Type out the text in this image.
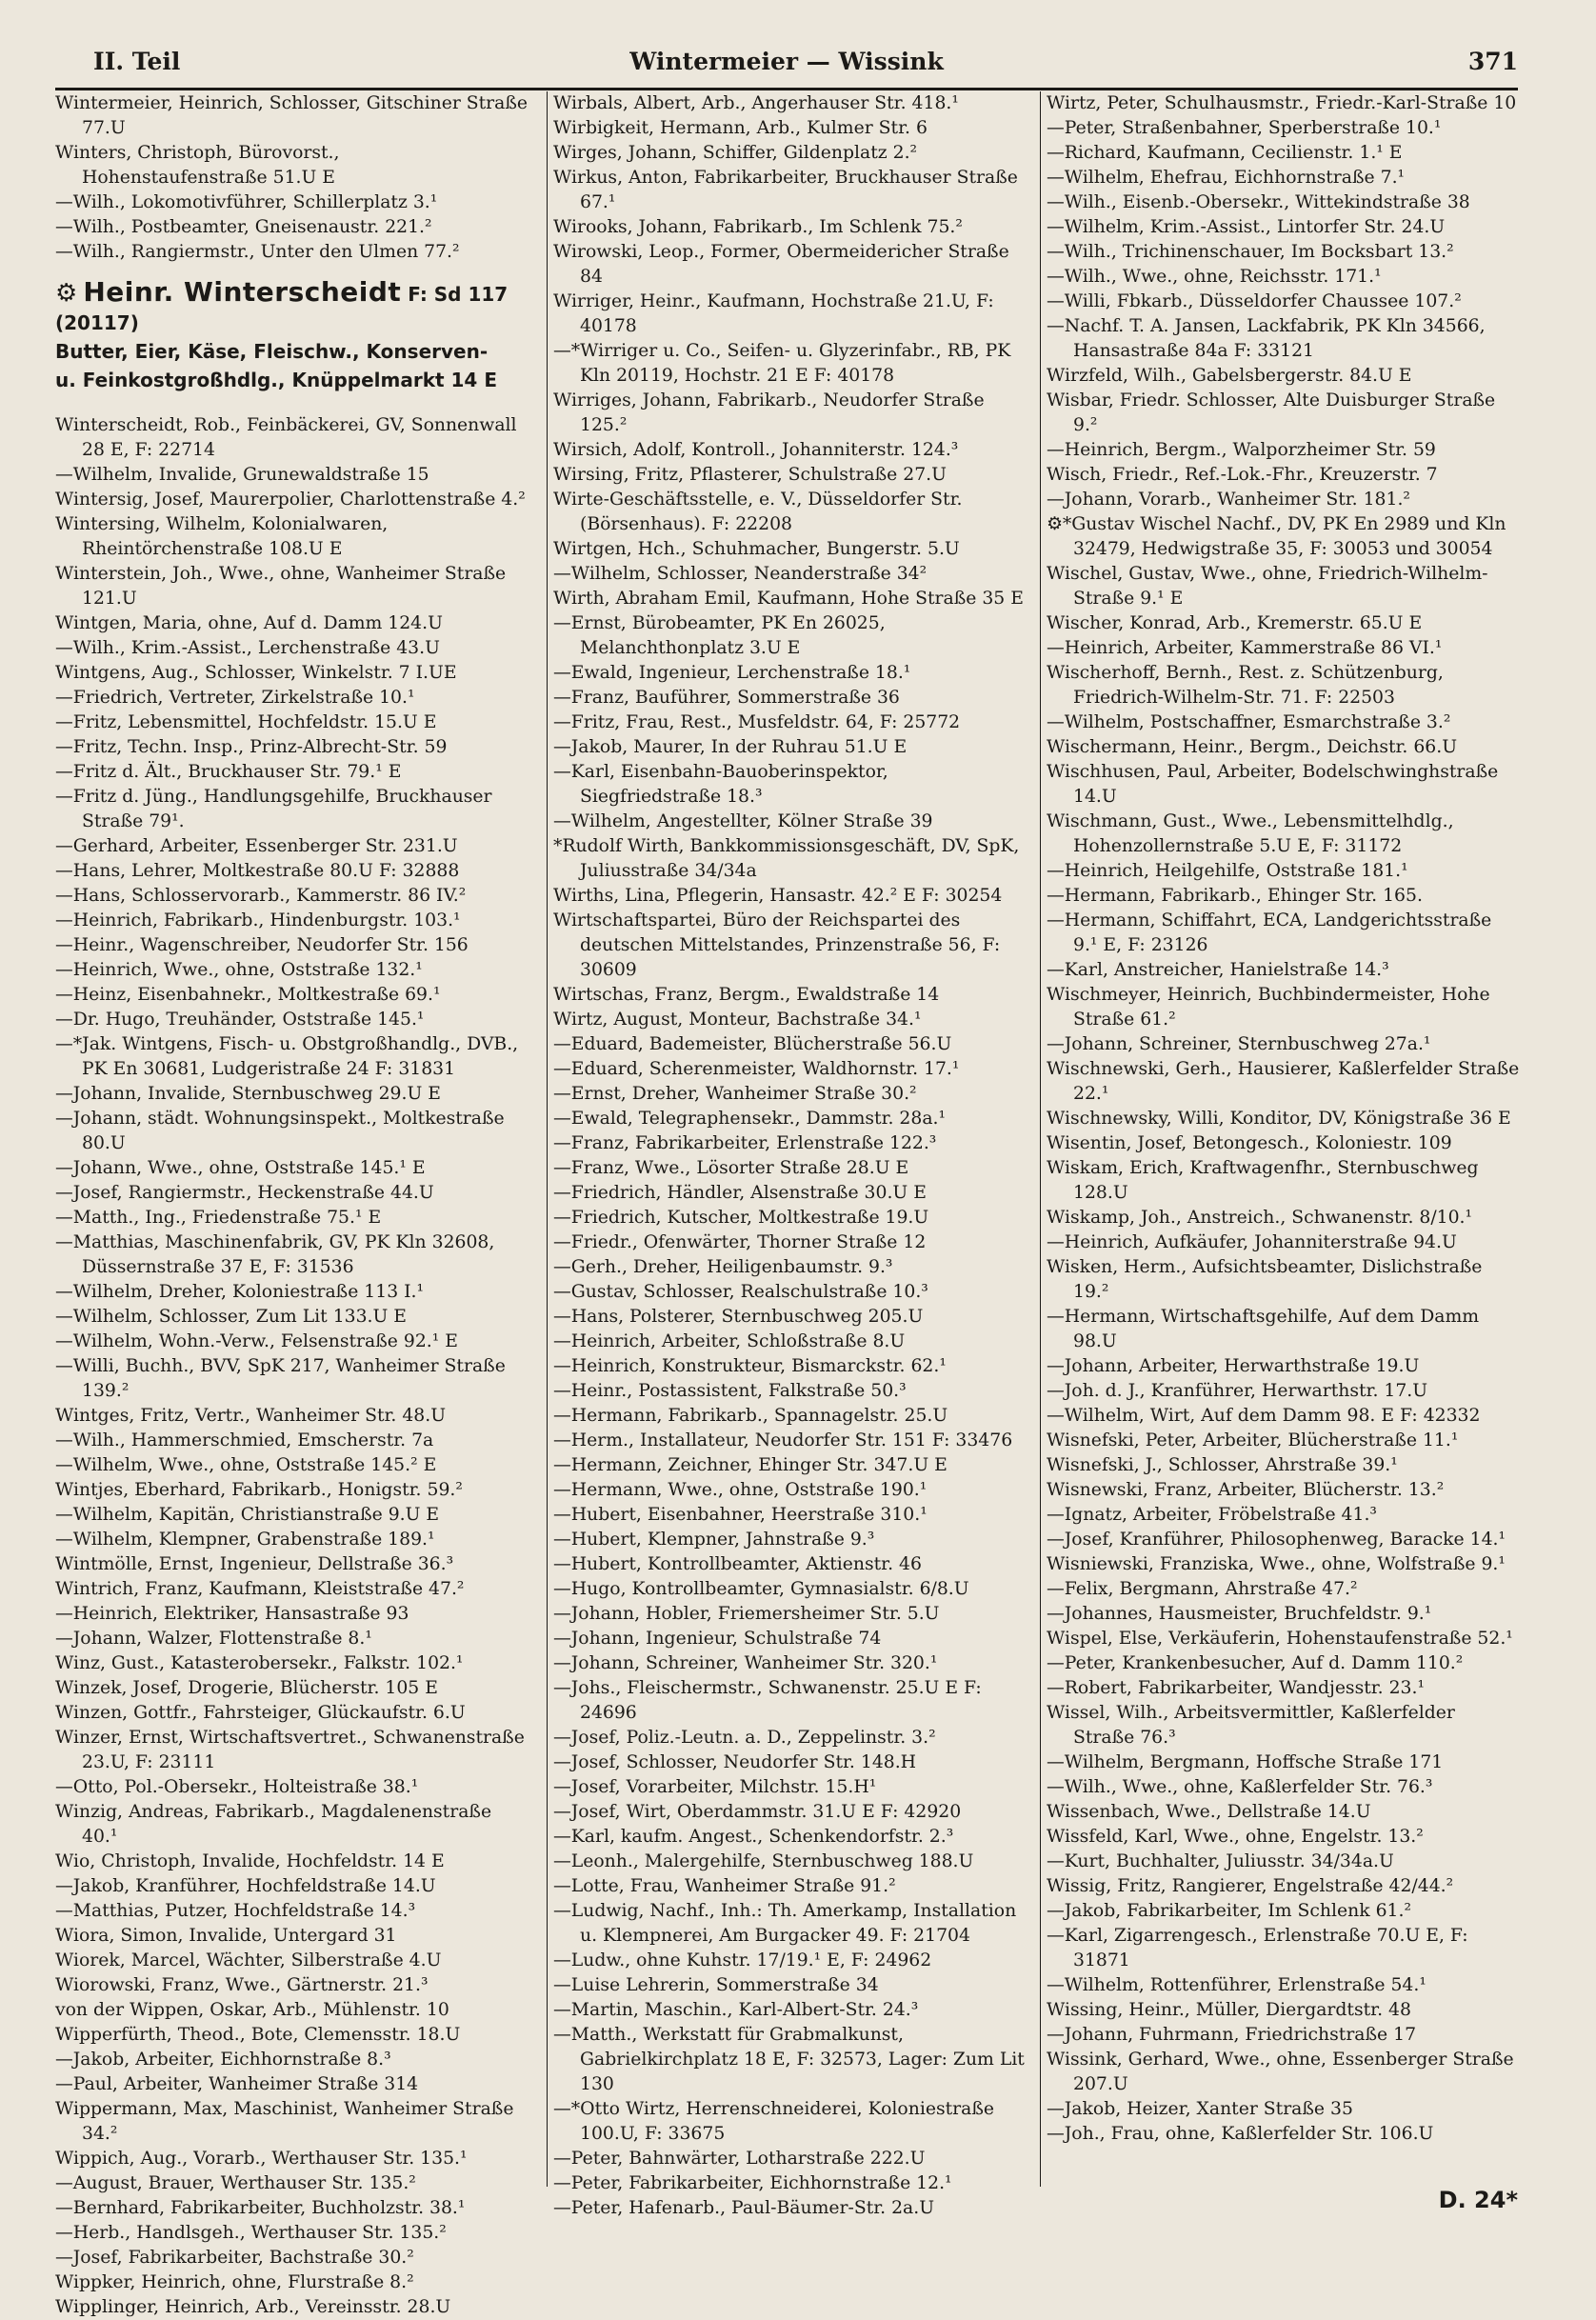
II. Teil	Wintermeier — Wissink	371

Wintermeier, Heinrich, Schlosser, Gitschiner Straße 77.U

Winters, Christoph, Bürovorst., Hohenstaufenstraße 51.U E

—Wilh., Lokomotivführer, Schillerplatz 3.¹

—Wilh., Postbeamter, Gneisenaustr. 221.²

—Wilh., Rangiermstr., Unter den Ulmen 77.²

⚙ Heinr. Winterscheidt F: Sd 117 (20117)
Butter, Eier, Käse, Fleischw., Konserven-
u. Feinkostgroßhdlg., Knüppelmarkt 14 E

Winterscheidt, Rob., Feinbäckerei, GV, Sonnenwall 28 E, F: 22714

—Wilhelm, Invalide, Grunewaldstraße 15

Wintersig, Josef, Maurerpolier, Charlottenstraße 4.²

Wintersing, Wilhelm, Kolonialwaren, Rheintörchenstraße 108.U E

Winterstein, Joh., Wwe., ohne, Wanheimer Straße 121.U

Wintgen, Maria, ohne, Auf d. Damm 124.U

—Wilh., Krim.-Assist., Lerchenstraße 43.U

Wintgens, Aug., Schlosser, Winkelstr. 7 I.UE

—Friedrich, Vertreter, Zirkelstraße 10.¹

—Fritz, Lebensmittel, Hochfeldstr. 15.U E

—Fritz, Techn. Insp., Prinz-Albrecht-Str. 59

—Fritz d. Ält., Bruckhauser Str. 79.¹ E

—Fritz d. Jüng., Handlungsgehilfe, Bruckhauser Straße 79¹.

—Gerhard, Arbeiter, Essenberger Str. 231.U

—Hans, Lehrer, Moltkestraße 80.U F: 32888

—Hans, Schlosservorarb., Kammerstr. 86 IV.²

—Heinrich, Fabrikarb., Hindenburgstr. 103.¹

—Heinr., Wagenschreiber, Neudorfer Str. 156

—Heinrich, Wwe., ohne, Oststraße 132.¹

—Heinz, Eisenbahnekr., Moltkestraße 69.¹

—Dr. Hugo, Treuhänder, Oststraße 145.¹

—*Jak. Wintgens, Fisch- u. Obstgroßhandlg., DVB., PK En 30681, Ludgeristraße 24 F: 31831

—Johann, Invalide, Sternbuschweg 29.U E

—Johann, städt. Wohnungsinspekt., Moltkestraße 80.U

—Johann, Wwe., ohne, Oststraße 145.¹ E

—Josef, Rangiermstr., Heckenstraße 44.U

—Matth., Ing., Friedenstraße 75.¹ E

—Matthias, Maschinenfabrik, GV, PK Kln 32608, Düssernstraße 37 E, F: 31536

—Wilhelm, Dreher, Koloniestraße 113 I.¹

—Wilhelm, Schlosser, Zum Lit 133.U E

—Wilhelm, Wohn.-Verw., Felsenstraße 92.¹ E

—Willi, Buchh., BVV, SpK 217, Wanheimer Straße 139.²

Wintges, Fritz, Vertr., Wanheimer Str. 48.U

—Wilh., Hammerschmied, Emscherstr. 7a

—Wilhelm, Wwe., ohne, Oststraße 145.² E

Wintjes, Eberhard, Fabrikarb., Honigstr. 59.²

—Wilhelm, Kapitän, Christianstraße 9.U E

—Wilhelm, Klempner, Grabenstraße 189.¹

Wintmölle, Ernst, Ingenieur, Dellstraße 36.³

Wintrich, Franz, Kaufmann, Kleiststraße 47.²

—Heinrich, Elektriker, Hansastraße 93

—Johann, Walzer, Flottenstraße 8.¹

Winz, Gust., Katasterobersekr., Falkstr. 102.¹

Winzek, Josef, Drogerie, Blücherstr. 105 E

Winzen, Gottfr., Fahrsteiger, Glückaufstr. 6.U

Winzer, Ernst, Wirtschaftsvertret., Schwanenstraße 23.U, F: 23111

—Otto, Pol.-Obersekr., Holteistraße 38.¹

Winzig, Andreas, Fabrikarb., Magdalenenstraße 40.¹

Wio, Christoph, Invalide, Hochfeldstr. 14 E

—Jakob, Kranführer, Hochfeldstraße 14.U

—Matthias, Putzer, Hochfeldstraße 14.³

Wiora, Simon, Invalide, Untergard 31

Wiorek, Marcel, Wächter, Silberstraße 4.U

Wiorowski, Franz, Wwe., Gärtnerstr. 21.³

von der Wippen, Oskar, Arb., Mühlenstr. 10

Wipperfürth, Theod., Bote, Clemensstr. 18.U

—Jakob, Arbeiter, Eichhornstraße 8.³

—Paul, Arbeiter, Wanheimer Straße 314

Wippermann, Max, Maschinist, Wanheimer Straße 34.²

Wippich, Aug., Vorarb., Werthauser Str. 135.¹

—August, Brauer, Werthauser Str. 135.²

—Bernhard, Fabrikarbeiter, Buchholzstr. 38.¹

—Herb., Handlsgeh., Werthauser Str. 135.²

—Josef, Fabrikarbeiter, Bachstraße 30.²

Wippker, Heinrich, ohne, Flurstraße 8.²

Wipplinger, Heinrich, Arb., Vereinsstr. 28.U

Wirbals, Albert, Arb., Angerhauser Str. 418.¹

Wirbigkeit, Hermann, Arb., Kulmer Str. 6

Wirges, Johann, Schiffer, Gildenplatz 2.²

Wirkus, Anton, Fabrikarbeiter, Bruckhauser Straße 67.¹

Wirooks, Johann, Fabrikarb., Im Schlenk 75.²

Wirowski, Leop., Former, Obermeidericher Straße 84

Wirriger, Heinr., Kaufmann, Hochstraße 21.U, F: 40178

—*Wirriger u. Co., Seifen- u. Glyzerinfabr., RB, PK Kln 20119, Hochstr. 21 E F: 40178

Wirriges, Johann, Fabrikarb., Neudorfer Straße 125.²

Wirsich, Adolf, Kontroll., Johanniterstr. 124.³

Wirsing, Fritz, Pflasterer, Schulstraße 27.U

Wirte-Geschäftsstelle, e. V., Düsseldorfer Str. (Börsenhaus). F: 22208

Wirtgen, Hch., Schuhmacher, Bungerstr. 5.U

—Wilhelm, Schlosser, Neanderstraße 34²

Wirth, Abraham Emil, Kaufmann, Hohe Straße 35 E

—Ernst, Bürobeamter, PK En 26025, Melanchthonplatz 3.U E

—Ewald, Ingenieur, Lerchenstraße 18.¹

—Franz, Bauführer, Sommerstraße 36

—Fritz, Frau, Rest., Musfeldstr. 64, F: 25772

—Jakob, Maurer, In der Ruhrau 51.U E

—Karl, Eisenbahn-Bauoberinspektor, Siegfriedstraße 18.³

—Wilhelm, Angestellter, Kölner Straße 39

*Rudolf Wirth, Bankkommissionsgeschäft, DV, SpK, Juliusstraße 34/34a

Wirths, Lina, Pflegerin, Hansastr. 42.² E F: 30254

Wirtschaftspartei, Büro der Reichspartei des deutschen Mittelstandes, Prinzenstraße 56, F: 30609

Wirtschas, Franz, Bergm., Ewaldstraße 14

Wirtz, August, Monteur, Bachstraße 34.¹

—Eduard, Bademeister, Blücherstraße 56.U

—Eduard, Scherenmeister, Waldhornstr. 17.¹

—Ernst, Dreher, Wanheimer Straße 30.²

—Ewald, Telegraphensekr., Dammstr. 28a.¹

—Franz, Fabrikarbeiter, Erlenstraße 122.³

—Franz, Wwe., Lösorter Straße 28.U E

—Friedrich, Händler, Alsenstraße 30.U E

—Friedrich, Kutscher, Moltkestraße 19.U

—Friedr., Ofenwärter, Thorner Straße 12

—Gerh., Dreher, Heiligenbaumstr. 9.³

—Gustav, Schlosser, Realschulstraße 10.³

—Hans, Polsterer, Sternbuschweg 205.U

—Heinrich, Arbeiter, Schloßstraße 8.U

—Heinrich, Konstrukteur, Bismarckstr. 62.¹

—Heinr., Postassistent, Falkstraße 50.³

—Hermann, Fabrikarb., Spannagelstr. 25.U

—Herm., Installateur, Neudorfer Str. 151 F: 33476

—Hermann, Zeichner, Ehinger Str. 347.U E

—Hermann, Wwe., ohne, Oststraße 190.¹

—Hubert, Eisenbahner, Heerstraße 310.¹

—Hubert, Klempner, Jahnstraße 9.³

—Hubert, Kontrollbeamter, Aktienstr. 46

—Hugo, Kontrollbeamter, Gymnasialstr. 6/8.U

—Johann, Hobler, Friemersheimer Str. 5.U

—Johann, Ingenieur, Schulstraße 74

—Johann, Schreiner, Wanheimer Str. 320.¹

—Johs., Fleischermstr., Schwanenstr. 25.U E F: 24696

—Josef, Poliz.-Leutn. a. D., Zeppelinstr. 3.²

—Josef, Schlosser, Neudorfer Str. 148.H

—Josef, Vorarbeiter, Milchstr. 15.H¹

—Josef, Wirt, Oberdammstr. 31.U E F: 42920

—Karl, kaufm. Angest., Schenkendorfstr. 2.³

—Leonh., Malergehilfe, Sternbuschweg 188.U

—Lotte, Frau, Wanheimer Straße 91.²

—Ludwig, Nachf., Inh.: Th. Amerkamp, Installation u. Klempnerei, Am Burgacker 49. F: 21704

—Ludw., ohne Kuhstr. 17/19.¹ E, F: 24962

—Luise Lehrerin, Sommerstraße 34

—Martin, Maschin., Karl-Albert-Str. 24.³

—Matth., Werkstatt für Grabmalkunst, Gabrielkirchplatz 18 E, F: 32573, Lager: Zum Lit 130

—*Otto Wirtz, Herrenschneiderei, Koloniestraße 100.U, F: 33675

—Peter, Bahnwärter, Lotharstraße 222.U

—Peter, Fabrikarbeiter, Eichhornstraße 12.¹

—Peter, Hafenarb., Paul-Bäumer-Str. 2a.U

Wirtz, Peter, Schulhausmstr., Friedr.-Karl-Straße 10

—Peter, Straßenbahner, Sperberstraße 10.¹

—Richard, Kaufmann, Cecilienstr. 1.¹ E

—Wilhelm, Ehefrau, Eichhornstraße 7.¹

—Wilh., Eisenb.-Obersekr., Wittekindstraße 38

—Wilhelm, Krim.-Assist., Lintorfer Str. 24.U

—Wilh., Trichinenschauer, Im Bocksbart 13.²

—Wilh., Wwe., ohne, Reichsstr. 171.¹

—Willi, Fbkarb., Düsseldorfer Chaussee 107.²

—Nachf. T. A. Jansen, Lackfabrik, PK Kln 34566, Hansastraße 84a F: 33121

Wirzfeld, Wilh., Gabelsbergerstr. 84.U E

Wisbar, Friedr. Schlosser, Alte Duisburger Straße 9.²

—Heinrich, Bergm., Walporzheimer Str. 59

Wisch, Friedr., Ref.-Lok.-Fhr., Kreuzerstr. 7

—Johann, Vorarb., Wanheimer Str. 181.²

⚙*Gustav Wischel Nachf., DV, PK En 2989 und Kln 32479, Hedwigstraße 35, F: 30053 und 30054

Wischel, Gustav, Wwe., ohne, Friedrich-Wilhelm-Straße 9.¹ E

Wischer, Konrad, Arb., Kremerstr. 65.U E

—Heinrich, Arbeiter, Kammerstraße 86 VI.¹

Wischerhoff, Bernh., Rest. z. Schützenburg, Friedrich-Wilhelm-Str. 71. F: 22503

—Wilhelm, Postschaffner, Esmarchstraße 3.²

Wischermann, Heinr., Bergm., Deichstr. 66.U

Wischhusen, Paul, Arbeiter, Bodelschwinghstraße 14.U

Wischmann, Gust., Wwe., Lebensmittelhdlg., Hohenzollernstraße 5.U E, F: 31172

—Heinrich, Heilgehilfe, Oststraße 181.¹

—Hermann, Fabrikarb., Ehinger Str. 165.

—Hermann, Schiffahrt, ECA, Landgerichtsstraße 9.¹ E, F: 23126

—Karl, Anstreicher, Hanielstraße 14.³

Wischmeyer, Heinrich, Buchbindermeister, Hohe Straße 61.²

—Johann, Schreiner, Sternbuschweg 27a.¹

Wischnewski, Gerh., Hausierer, Kaßlerfelder Straße 22.¹

Wischnewsky, Willi, Konditor, DV, Königstraße 36 E

Wisentin, Josef, Betongesch., Koloniestr. 109

Wiskam, Erich, Kraftwagenfhr., Sternbuschweg 128.U

Wiskamp, Joh., Anstreich., Schwanenstr. 8/10.¹

—Heinrich, Aufkäufer, Johanniterstraße 94.U

Wisken, Herm., Aufsichtsbeamter, Dislichstraße 19.²

—Hermann, Wirtschaftsgehilfe, Auf dem Damm 98.U

—Johann, Arbeiter, Herwarthstraße 19.U

—Joh. d. J., Kranführer, Herwarthstr. 17.U

—Wilhelm, Wirt, Auf dem Damm 98. E F: 42332

Wisnefski, Peter, Arbeiter, Blücherstraße 11.¹

Wisnefski, J., Schlosser, Ahrstraße 39.¹

Wisnewski, Franz, Arbeiter, Blücherstr. 13.²

—Ignatz, Arbeiter, Fröbelstraße 41.³

—Josef, Kranführer, Philosophenweg, Baracke 14.¹

Wisniewski, Franziska, Wwe., ohne, Wolfstraße 9.¹

—Felix, Bergmann, Ahrstraße 47.²

—Johannes, Hausmeister, Bruchfeldstr. 9.¹

Wispel, Else, Verkäuferin, Hohenstaufenstraße 52.¹

—Peter, Krankenbesucher, Auf d. Damm 110.²

—Robert, Fabrikarbeiter, Wandjesstr. 23.¹

Wissel, Wilh., Arbeitsvermittler, Kaßlerfelder Straße 76.³

—Wilhelm, Bergmann, Hoffsche Straße 171

—Wilh., Wwe., ohne, Kaßlerfelder Str. 76.³

Wissenbach, Wwe., Dellstraße 14.U

Wissfeld, Karl, Wwe., ohne, Engelstr. 13.²

—Kurt, Buchhalter, Juliusstr. 34/34a.U

Wissig, Fritz, Rangierer, Engelstraße 42/44.²

—Jakob, Fabrikarbeiter, Im Schlenk 61.²

—Karl, Zigarrengesch., Erlenstraße 70.U E, F: 31871

—Wilhelm, Rottenführer, Erlenstraße 54.¹

Wissing, Heinr., Müller, Diergardtstr. 48

—Johann, Fuhrmann, Friedrichstraße 17

Wissink, Gerhard, Wwe., ohne, Essenberger Straße 207.U

—Jakob, Heizer, Xanter Straße 35

—Joh., Frau, ohne, Kaßlerfelder Str. 106.U

D. 24*
